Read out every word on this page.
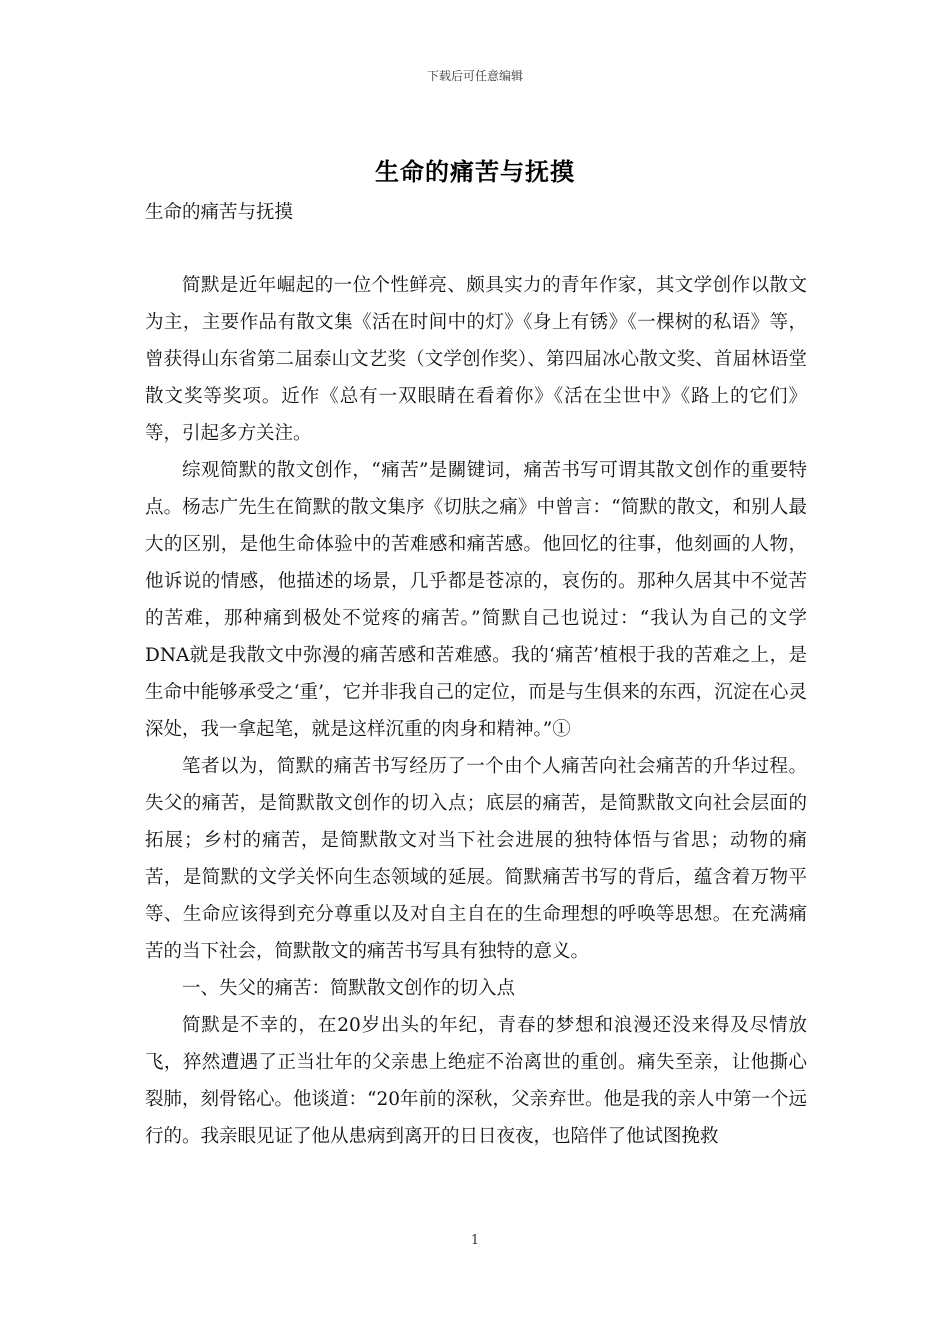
下载后可任意编辑
生命的痛苦与抚摸
生命的痛苦与抚摸

简默是近年崛起的一位个性鲜亮、颇具实力的青年作家，其文学创作以散文为主，主要作品有散文集《活在时间中的灯》《身上有锈》《一棵树的私语》等，曾获得山东省第二届泰山文艺奖（文学创作奖）、第四届冰心散文奖、首届林语堂散文奖等奖项。近作《总有一双眼睛在看着你》《活在尘世中》《路上的它们》等，引起多方关注。

综观简默的散文创作，“痛苦”是關键词，痛苦书写可谓其散文创作的重要特点。杨志广先生在简默的散文集序《切肤之痛》中曾言：“简默的散文，和别人最大的区别，是他生命体验中的苦难感和痛苦感。他回忆的往事，他刻画的人物，他诉说的情感，他描述的场景，几乎都是苍凉的，哀伤的。那种久居其中不觉苦的苦难，那种痛到极处不觉疼的痛苦。”简默自己也说过：“我认为自己的文学DNA就是我散文中弥漫的痛苦感和苦难感。我的‘痛苦’植根于我的苦难之上，是生命中能够承受之‘重’，它并非我自己的定位，而是与生俱来的东西，沉淀在心灵深处，我一拿起笔，就是这样沉重的肉身和精神。”①

笔者以为，简默的痛苦书写经历了一个由个人痛苦向社会痛苦的升华过程。失父的痛苦，是简默散文创作的切入点；底层的痛苦，是简默散文向社会层面的拓展；乡村的痛苦，是简默散文对当下社会进展的独特体悟与省思；动物的痛苦，是简默的文学关怀向生态领域的延展。简默痛苦书写的背后，蕴含着万物平等、生命应该得到充分尊重以及对自主自在的生命理想的呼唤等思想。在充满痛苦的当下社会，简默散文的痛苦书写具有独特的意义。

一、失父的痛苦：简默散文创作的切入点

简默是不幸的，在20岁出头的年纪，青春的梦想和浪漫还没来得及尽情放飞，猝然遭遇了正当壮年的父亲患上绝症不治离世的重创。痛失至亲，让他撕心裂肺，刻骨铭心。他谈道：“20年前的深秋，父亲弃世。他是我的亲人中第一个远行的。我亲眼见证了他从患病到离开的日日夜夜，也陪伴了他试图挽救

1
